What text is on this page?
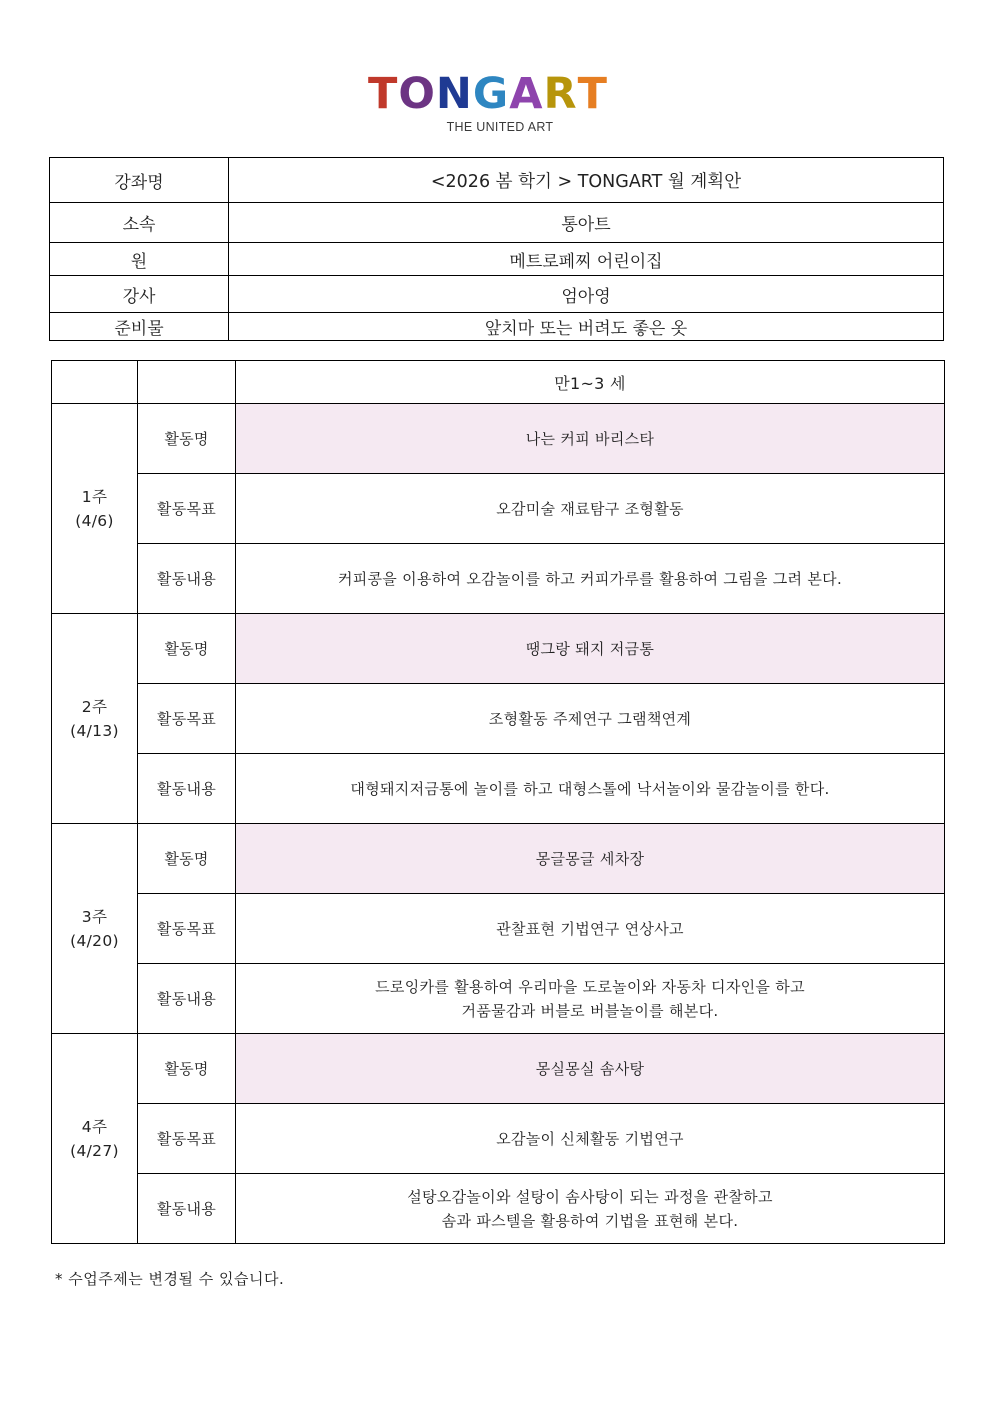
T O N G A R T
THE UNITED ART
강좌명	<2026 봄 학기 > TONGART 월 계획안
소속	통아트
원	메트로페찌 어린이집
강사	엄아영
준비물	앞치마 또는 버려도 좋은 옷
		만1~3 세

1주
(4/6)	활동명	나는 커피 바리스타
	활동목표	오감미술 재료탐구 조형활동
	활동내용	커피콩을 이용하여 오감놀이를 하고 커피가루를 활용하여 그림을 그려 본다.

2주
(4/13)	활동명	땡그랑 돼지 저금통
	활동목표	조형활동 주제연구 그램책연계
	활동내용	대형돼지저금통에 놀이를 하고 대형스톨에 낙서놀이와 물감놀이를 한다.

3주
(4/20)	활동명	몽글몽글 세차장
	활동목표	관찰표현 기법연구 연상사고
	활동내용	드로잉카를 활용하여 우리마을 도로놀이와 자동차 디자인을 하고
거품물감과 버블로 버블놀이를 해본다.

4주
(4/27)	활동명	몽실몽실 솜사탕
	활동목표	오감놀이 신체활동 기법연구
	활동내용	설탕오감놀이와 설탕이 솜사탕이 되는 과정을 관찰하고
솜과 파스텔을 활용하여 기법을 표현해 본다.
* 수업주제는 변경될 수 있습니다.
